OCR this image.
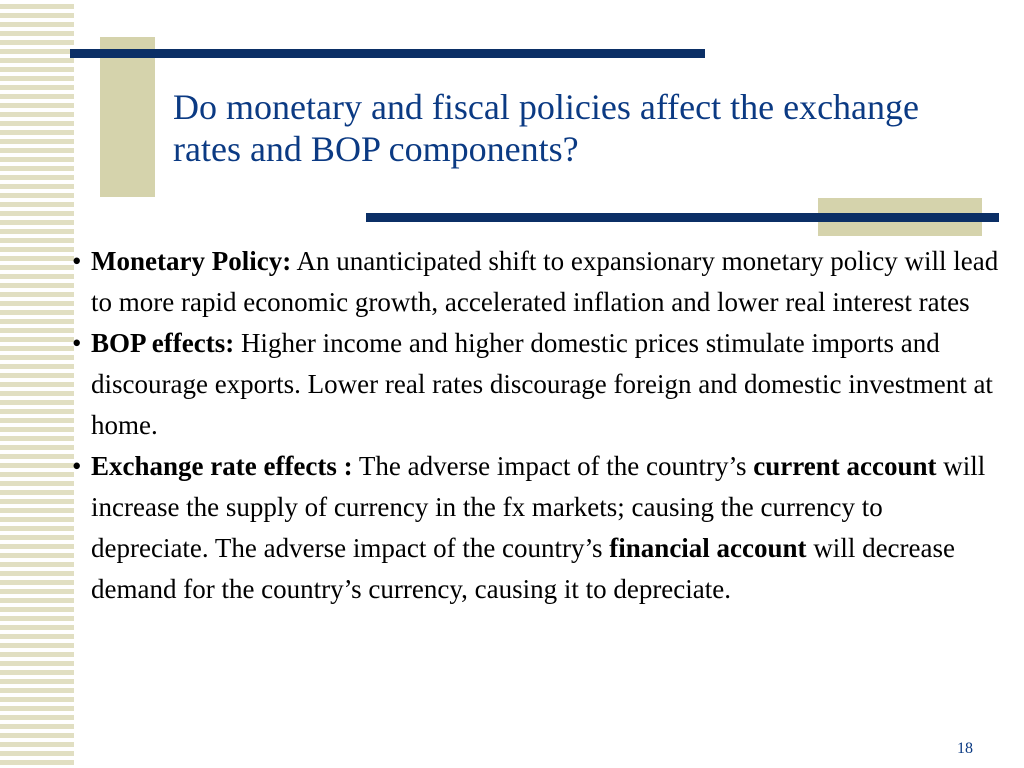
Do monetary and fiscal policies affect the exchange rates and BOP components?
• Monetary Policy: An unanticipated shift to expansionary monetary policy will lead to more rapid economic growth, accelerated inflation and lower real interest rates
• BOP effects: Higher income and higher domestic prices stimulate imports and discourage exports. Lower real rates discourage foreign and domestic investment at home.
• Exchange rate effects : The adverse impact of the country’s current account will increase the supply of currency in the fx markets; causing the currency to depreciate. The adverse impact of the country’s financial account will decrease demand for the country’s currency, causing it to depreciate.
18
